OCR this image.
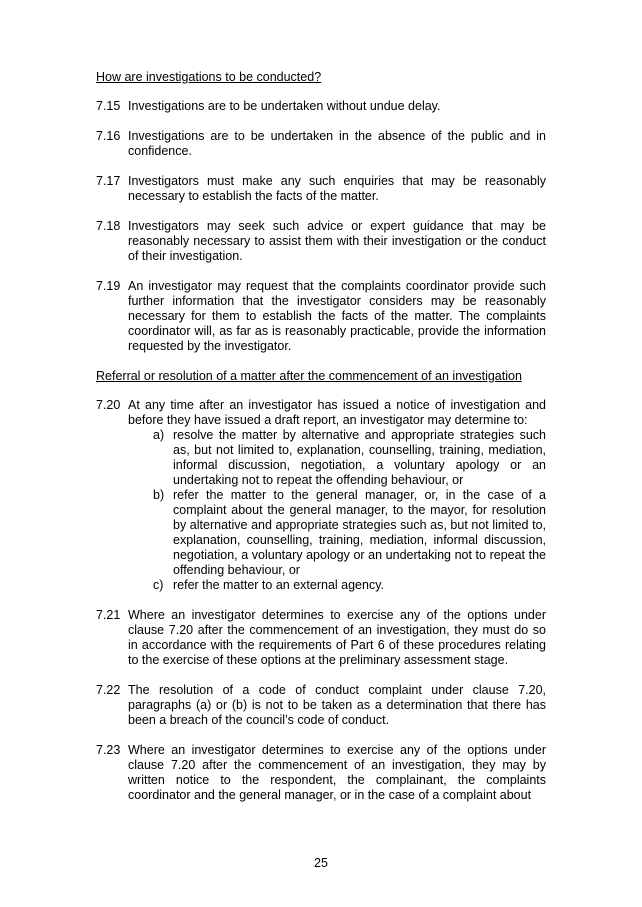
How are investigations to be conducted?
7.15 Investigations are to be undertaken without undue delay.
7.16 Investigations are to be undertaken in the absence of the public and in confidence.
7.17 Investigators must make any such enquiries that may be reasonably necessary to establish the facts of the matter.
7.18 Investigators may seek such advice or expert guidance that may be reasonably necessary to assist them with their investigation or the conduct of their investigation.
7.19 An investigator may request that the complaints coordinator provide such further information that the investigator considers may be reasonably necessary for them to establish the facts of the matter. The complaints coordinator will, as far as is reasonably practicable, provide the information requested by the investigator.
Referral or resolution of a matter after the commencement of an investigation
7.20 At any time after an investigator has issued a notice of investigation and before they have issued a draft report, an investigator may determine to:
a) resolve the matter by alternative and appropriate strategies such as, but not limited to, explanation, counselling, training, mediation, informal discussion, negotiation, a voluntary apology or an undertaking not to repeat the offending behaviour, or
b) refer the matter to the general manager, or, in the case of a complaint about the general manager, to the mayor, for resolution by alternative and appropriate strategies such as, but not limited to, explanation, counselling, training, mediation, informal discussion, negotiation, a voluntary apology or an undertaking not to repeat the offending behaviour, or
c) refer the matter to an external agency.
7.21 Where an investigator determines to exercise any of the options under clause 7.20 after the commencement of an investigation, they must do so in accordance with the requirements of Part 6 of these procedures relating to the exercise of these options at the preliminary assessment stage.
7.22 The resolution of a code of conduct complaint under clause 7.20, paragraphs (a) or (b) is not to be taken as a determination that there has been a breach of the council’s code of conduct.
7.23 Where an investigator determines to exercise any of the options under clause 7.20 after the commencement of an investigation, they may by written notice to the respondent, the complainant, the complaints coordinator and the general manager, or in the case of a complaint about
25
